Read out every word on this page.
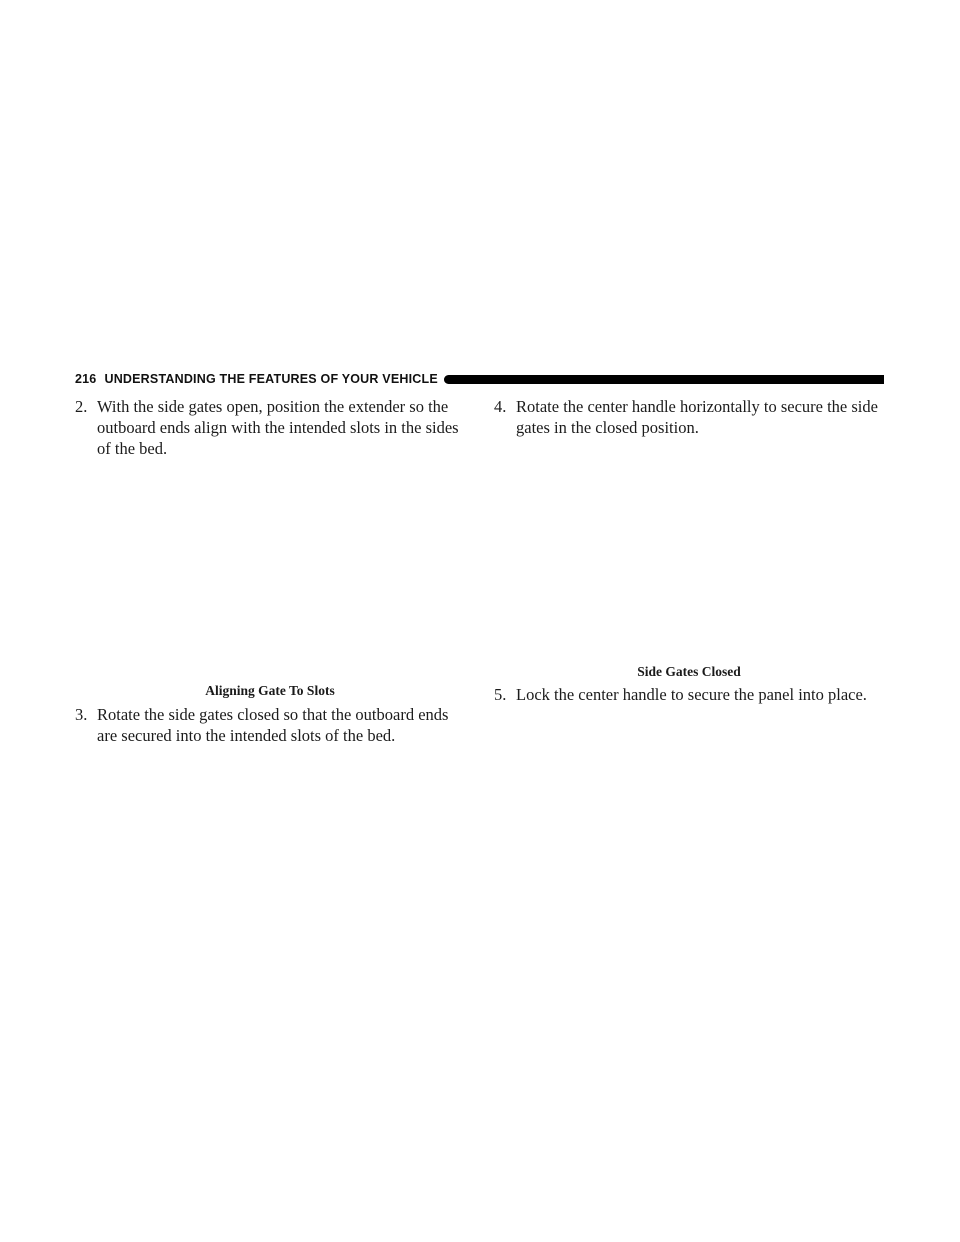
216 UNDERSTANDING THE FEATURES OF YOUR VEHICLE
2. With the side gates open, position the extender so the outboard ends align with the intended slots in the sides of the bed.
Aligning Gate To Slots
3. Rotate the side gates closed so that the outboard ends are secured into the intended slots of the bed.
4. Rotate the center handle horizontally to secure the side gates in the closed position.
Side Gates Closed
5. Lock the center handle to secure the panel into place.
